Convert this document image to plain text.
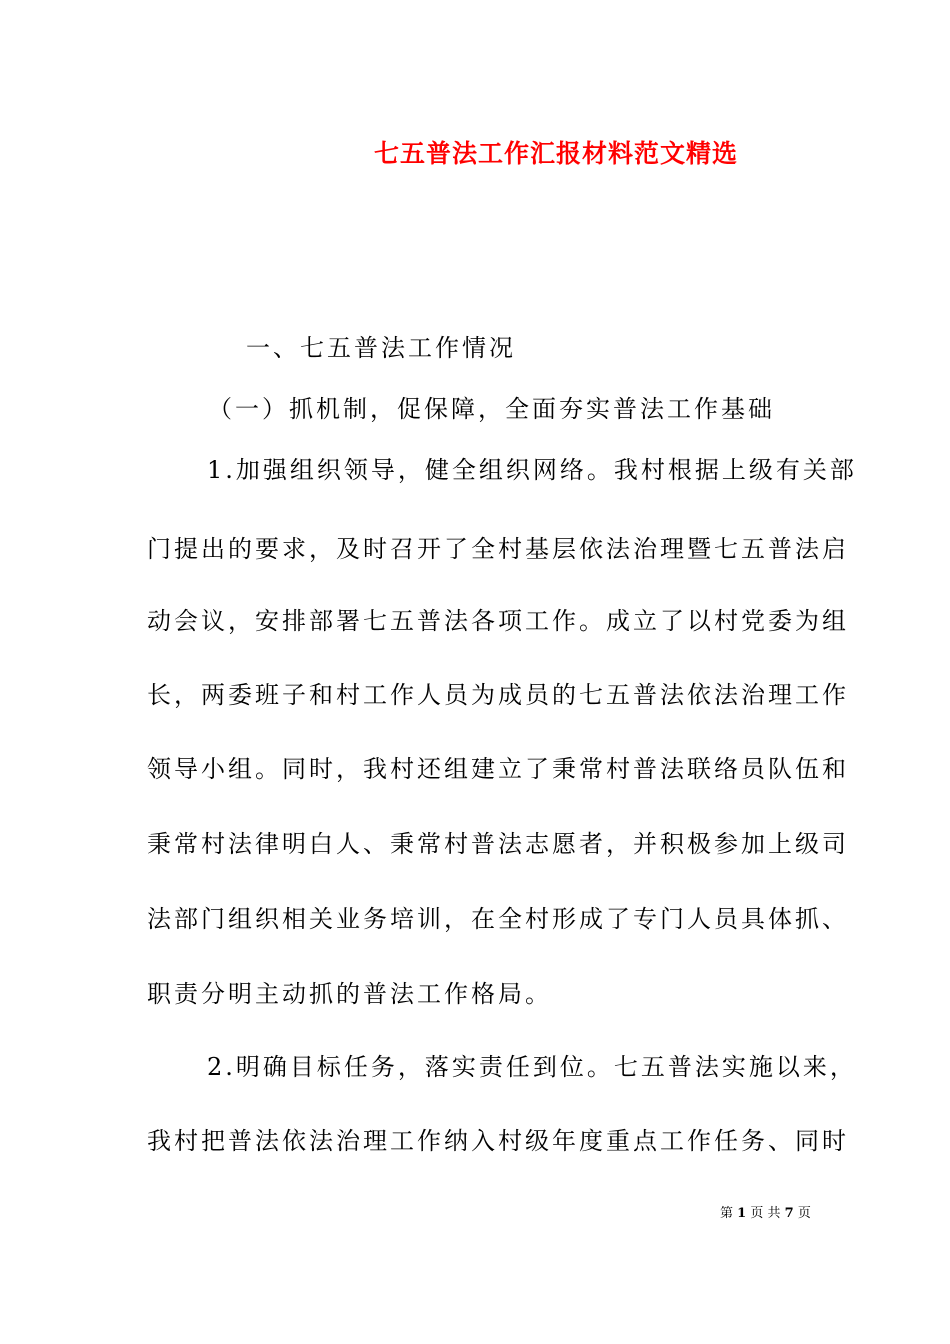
七五普法工作汇报材料范文精选
一、七五普法工作情况
（一）抓机制，促保障，全面夯实普法工作基础
1.加强组织领导，健全组织网络。我村根据上级有关部
门提出的要求，及时召开了全村基层依法治理暨七五普法启
动会议，安排部署七五普法各项工作。成立了以村党委为组
长，两委班子和村工作人员为成员的七五普法依法治理工作
领导小组。同时，我村还组建立了秉常村普法联络员队伍和
秉常村法律明白人、秉常村普法志愿者，并积极参加上级司
法部门组织相关业务培训，在全村形成了专门人员具体抓、
职责分明主动抓的普法工作格局。
2.明确目标任务，落实责任到位。七五普法实施以来，
我村把普法依法治理工作纳入村级年度重点工作任务、同时
第 1 页 共 7 页
